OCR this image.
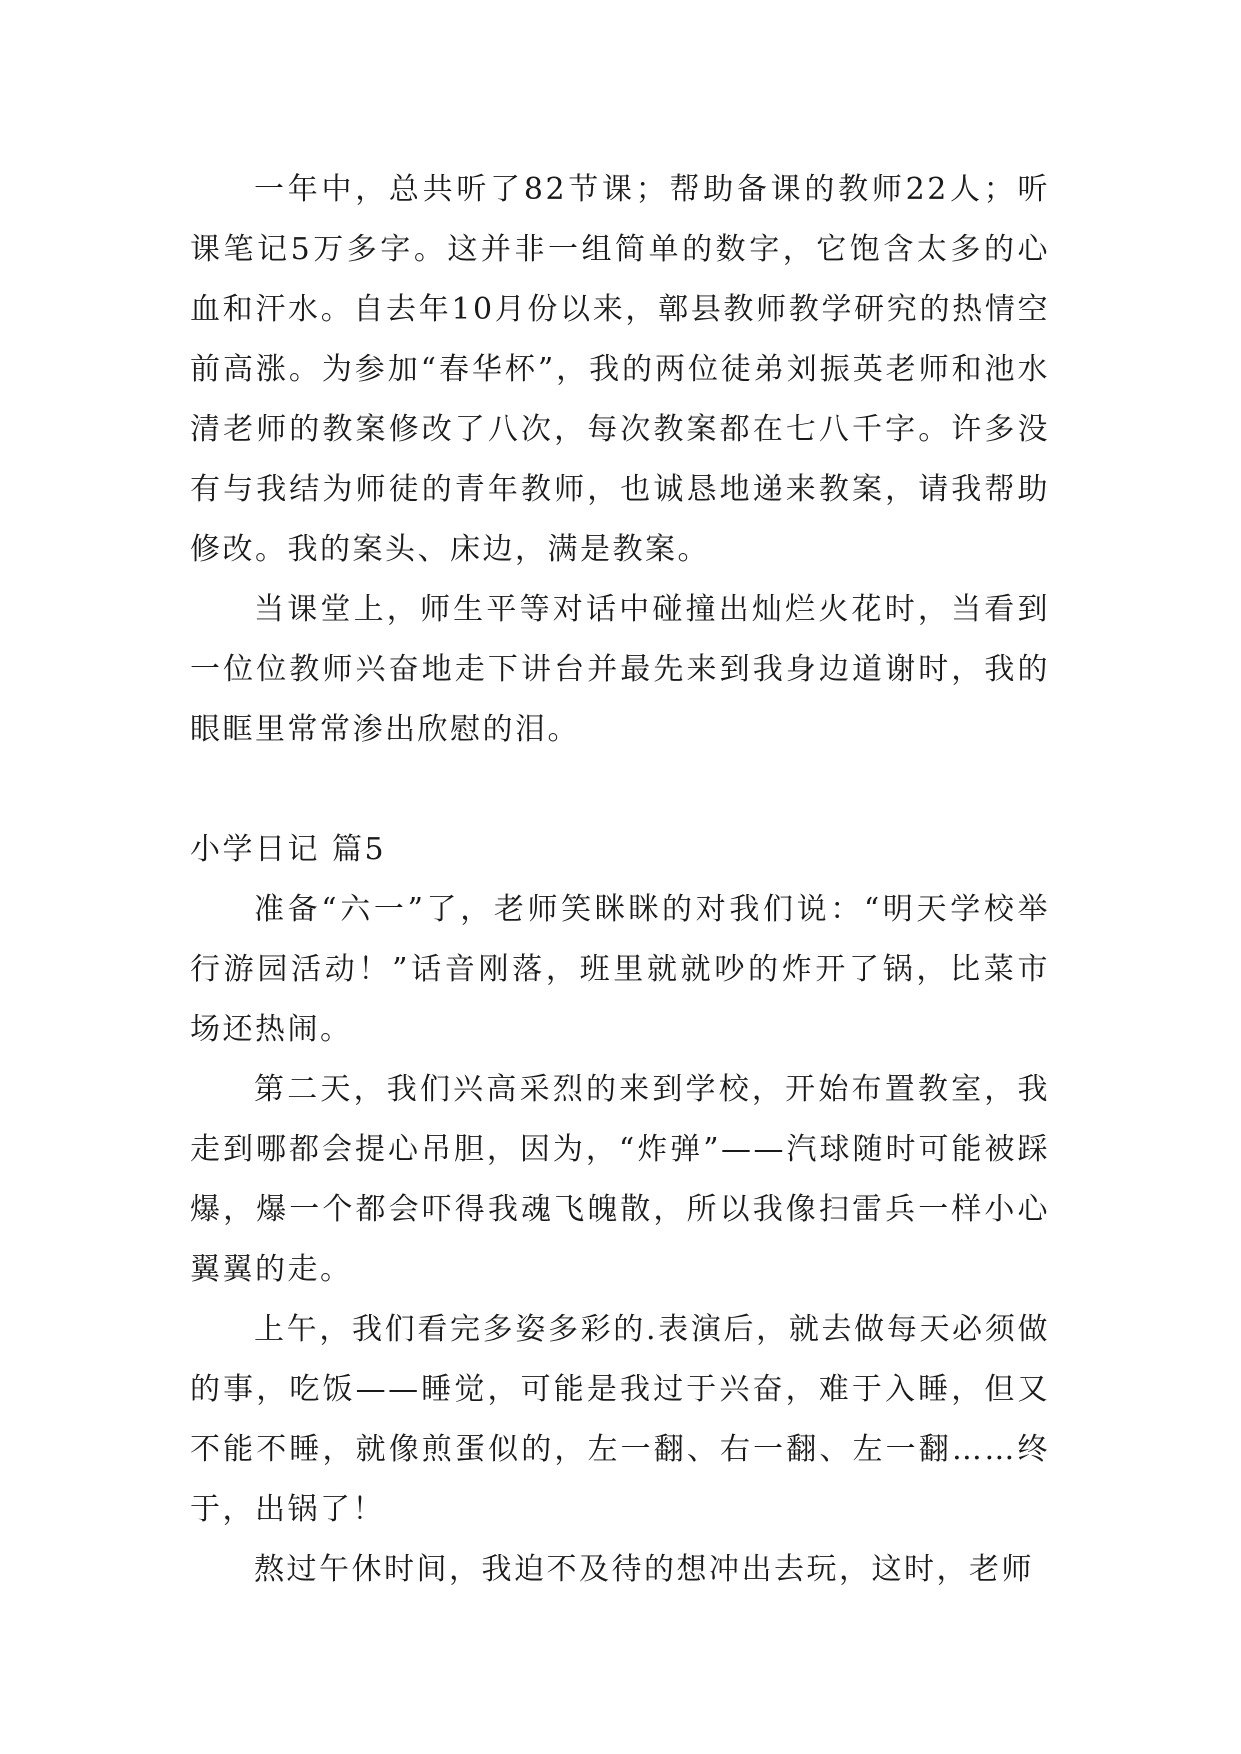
一年中，总共听了82节课；帮助备课的教师22人；听课笔记5万多字。这并非一组简单的数字，它饱含太多的心血和汗水。自去年10月份以来，鄣县教师教学研究的热情空前高涨。为参加“春华杯”，我的两位徒弟刘振英老师和池水清老师的教案修改了八次，每次教案都在七八千字。许多没有与我结为师徒的青年教师，也诚恳地递来教案，请我帮助修改。我的案头、床边，满是教案。

当课堂上，师生平等对话中碰撞出灿烂火花时，当看到一位位教师兴奋地走下讲台并最先来到我身边道谢时，我的眼眶里常常渗出欣慰的泪。

小学日记 篇5

准备“六一”了，老师笑眯眯的对我们说：“明天学校举行游园活动！”话音刚落，班里就就吵的炸开了锅，比菜市场还热闹。

第二天，我们兴高采烈的来到学校，开始布置教室，我走到哪都会提心吊胆，因为，“炸弹”——汽球随时可能被踩爆，爆一个都会吓得我魂飞魄散，所以我像扫雷兵一样小心翼翼的走。

上午，我们看完多姿多彩的.表演后，就去做每天必须做的事，吃饭——睡觉，可能是我过于兴奋，难于入睡，但又不能不睡，就像煎蛋似的，左一翻、右一翻、左一翻……终于，出锅了！

熬过午休时间，我迫不及待的想冲出去玩，这时，老师
